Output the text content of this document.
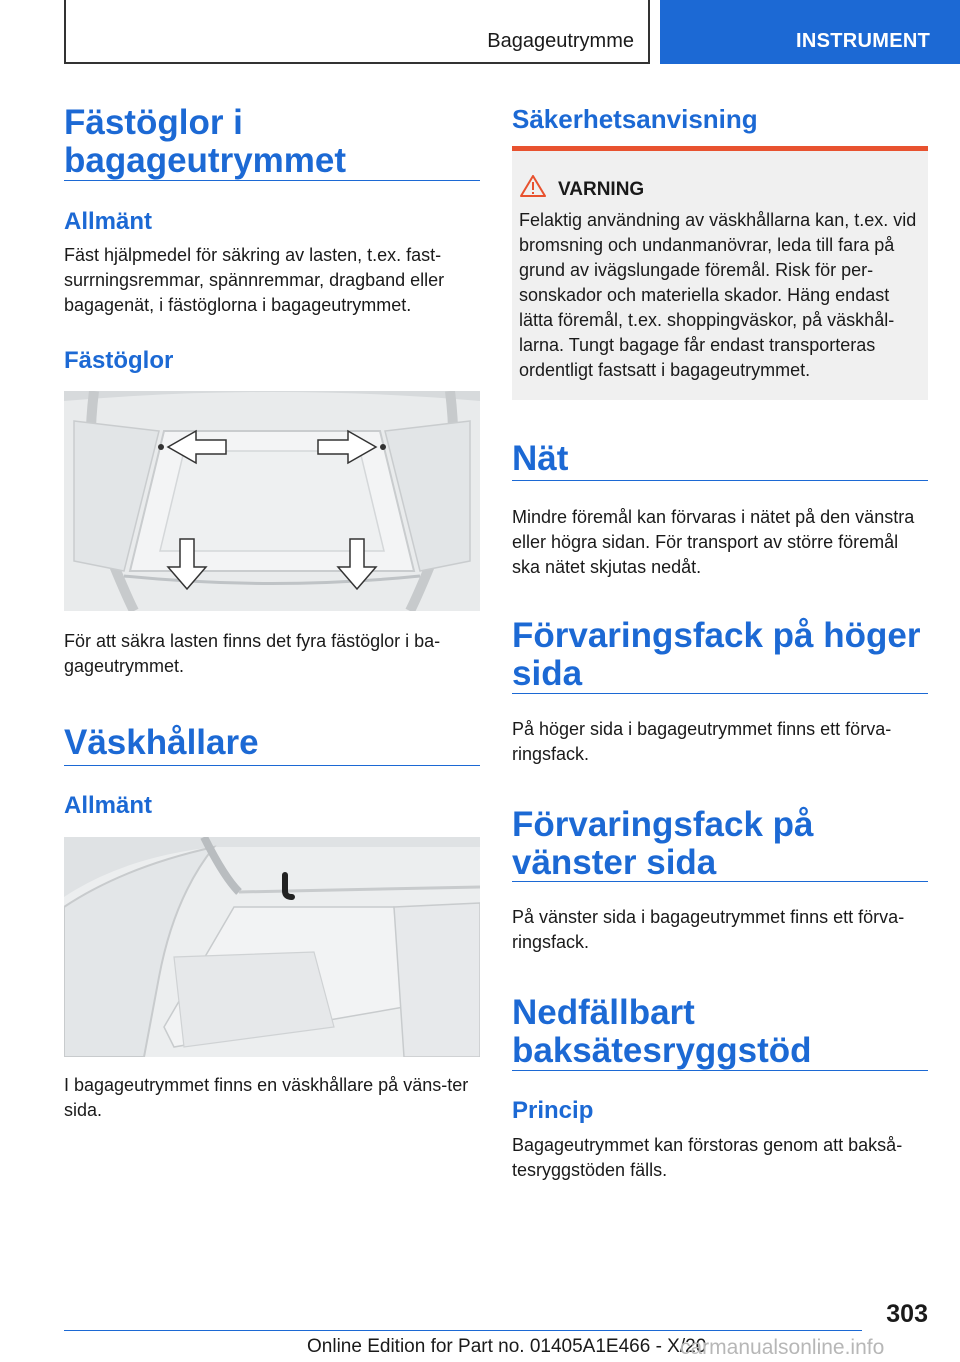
Bagageutrymme	INSTRUMENT
Fästöglor i bagageutrymmet
Allmänt
Fäst hjälpmedel för säkring av lasten, t.ex. fast-surrningsremmar, spännremmar, dragband eller bagagenät, i fästöglorna i bagageutrymmet.
Fästöglor
För att säkra lasten finns det fyra fästöglor i ba-gageutrymmet.
Väskhållare
Allmänt
I bagageutrymmet finns en väskhållare på väns-ter sida.
Säkerhetsanvisning
VARNING
Felaktig användning av väskhållarna kan, t.ex. vid bromsning och undanmanövrar, leda till fara på grund av ivägslungade föremål. Risk för per-sonskador och materiella skador. Häng endast lätta föremål, t.ex. shoppingväskor, på väskhål-larna. Tungt bagage får endast transporteras ordentligt fastsatt i bagageutrymmet.
Nät
Mindre föremål kan förvaras i nätet på den vänstra eller högra sidan. För transport av större föremål ska nätet skjutas nedåt.
Förvaringsfack på höger sida
På höger sida i bagageutrymmet finns ett förva-ringsfack.
Förvaringsfack på vänster sida
På vänster sida i bagageutrymmet finns ett förva-ringsfack.
Nedfällbart baksätesryggstöd
Princip
Bagageutrymmet kan förstoras genom att bakså-tesryggstöden fälls.
303
Online Edition for Part no. 01405A1E466 - X/20
carmanualsonline.info
